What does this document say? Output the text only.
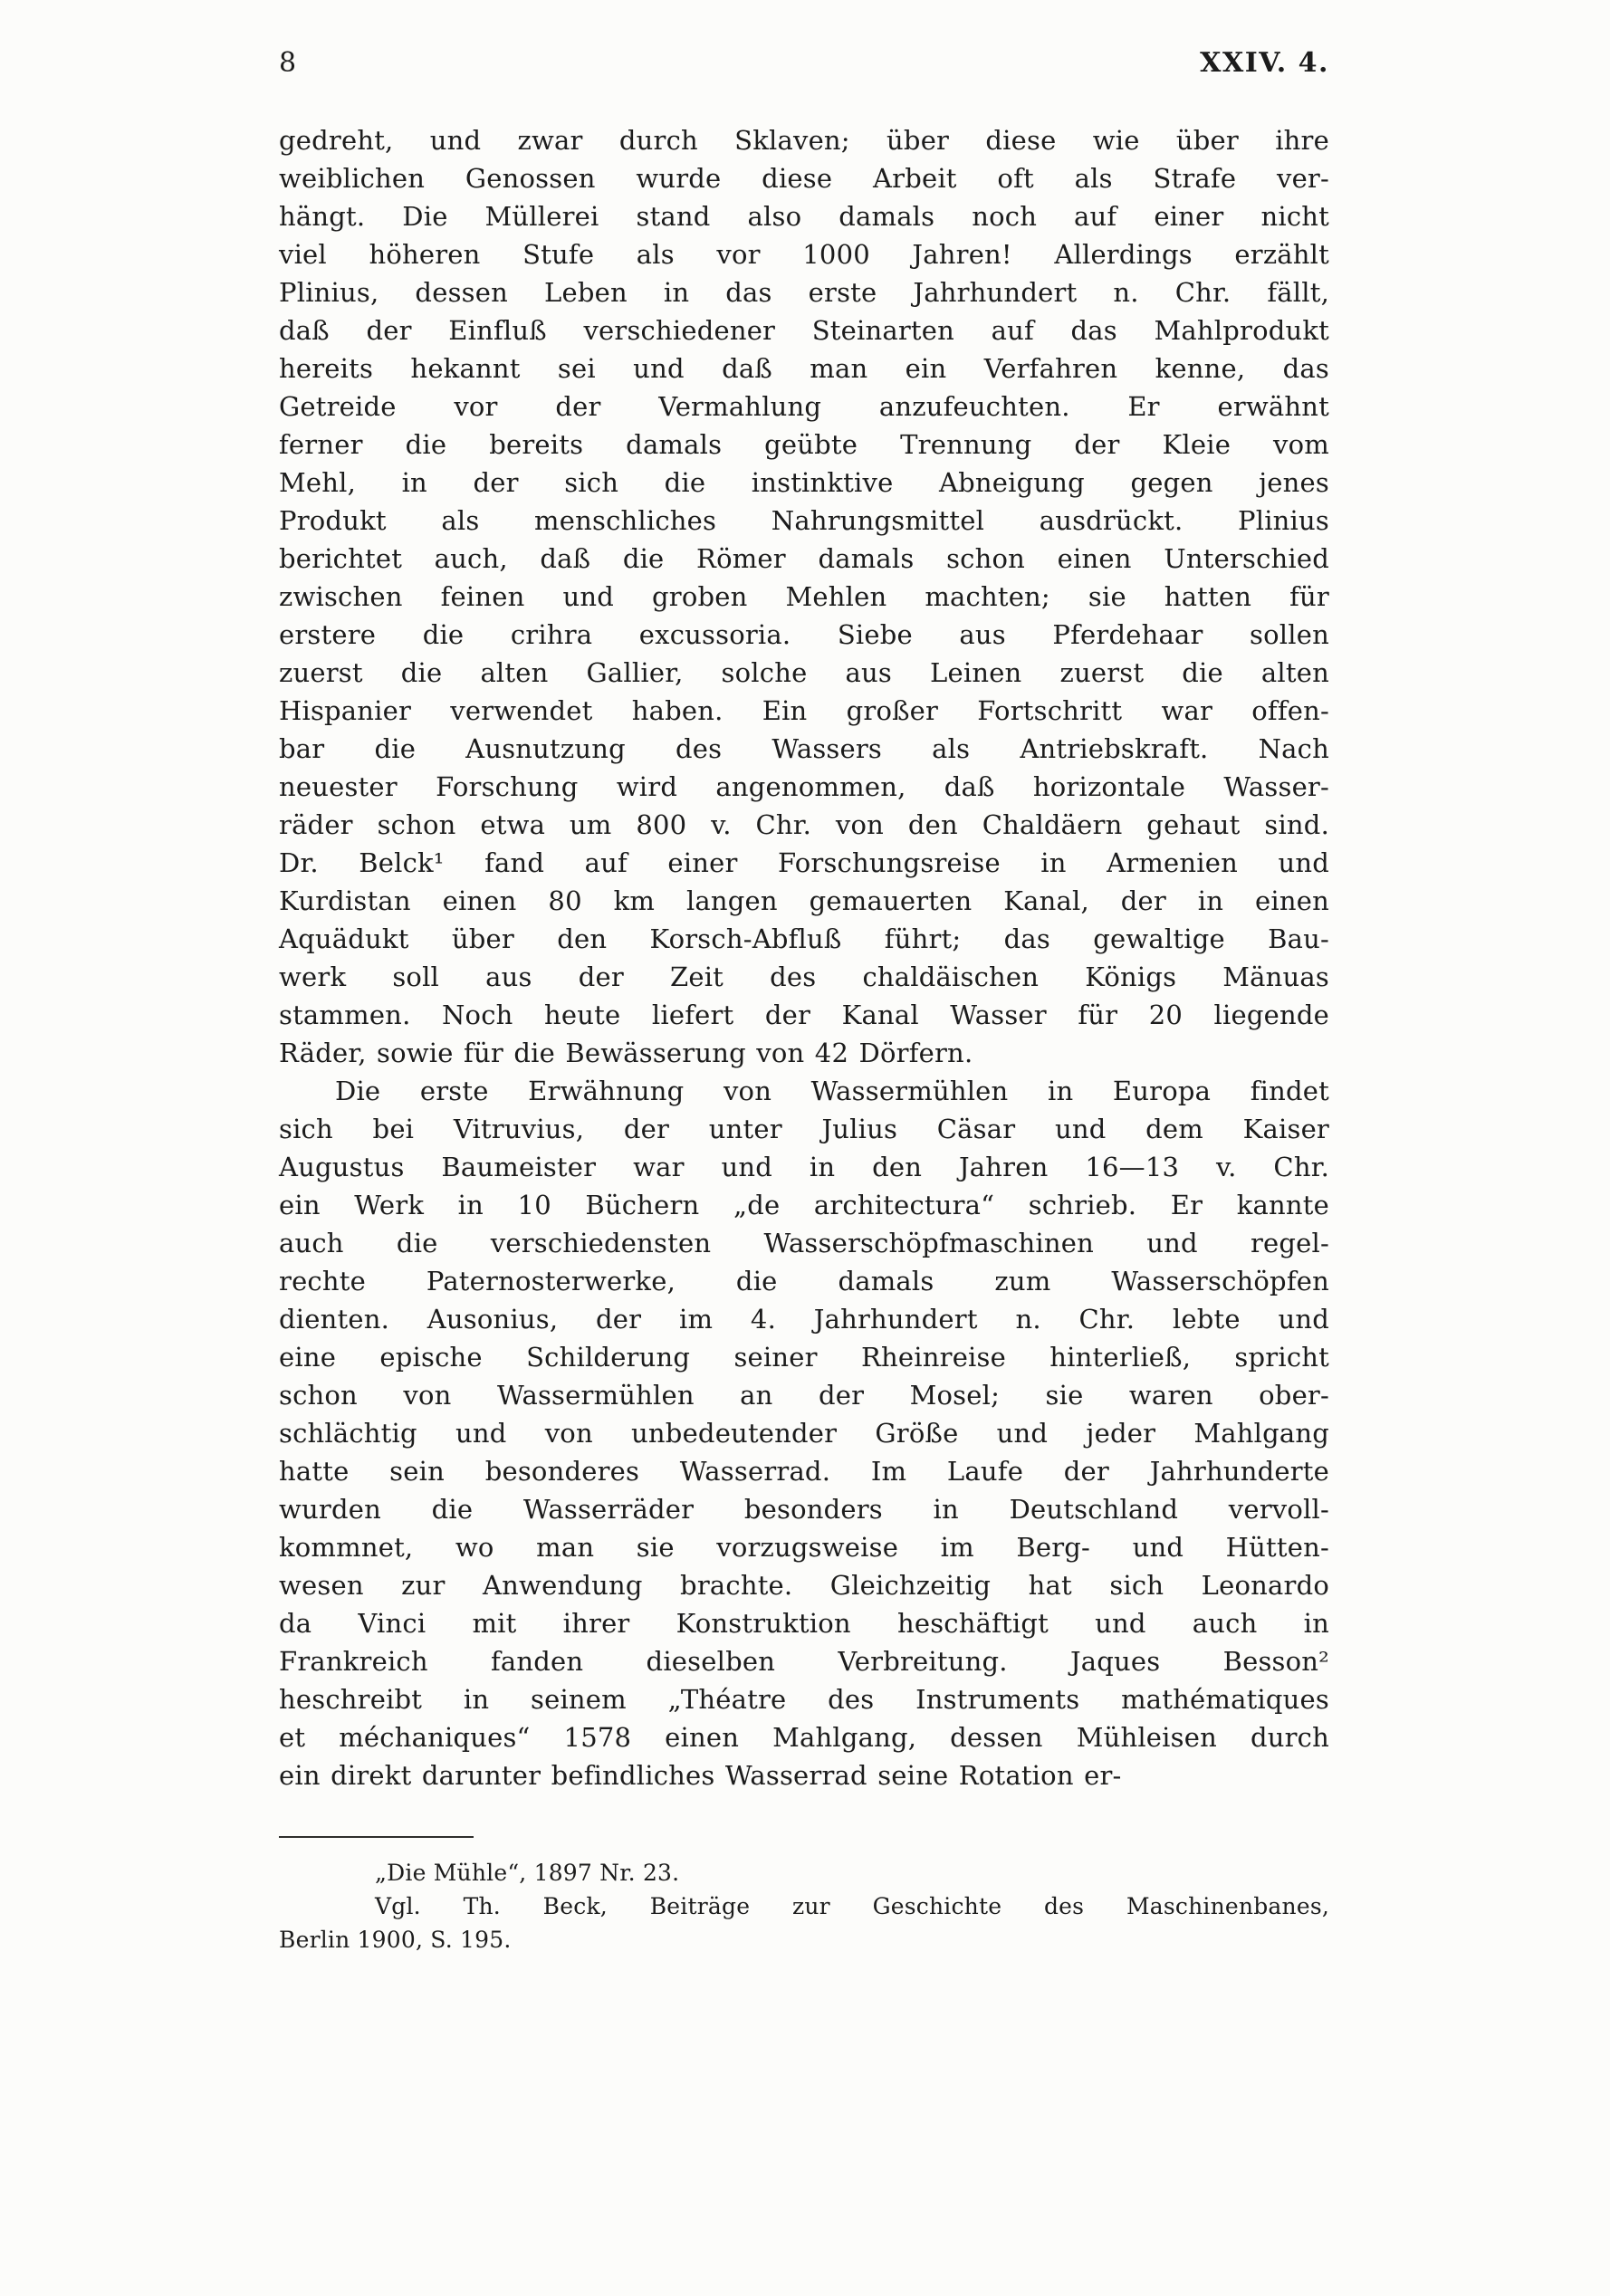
8	XXIV. 4.
gedreht, und zwar durch Sklaven; über diese wie über ihre
weiblichen Genossen wurde diese Arbeit oft als Strafe ver-
hängt. Die Müllerei stand also damals noch auf einer nicht
viel höheren Stufe als vor 1000 Jahren! Allerdings erzählt
Plinius, dessen Leben in das erste Jahrhundert n. Chr. fällt,
daß der Einfluß verschiedener Steinarten auf das Mahlprodukt
hereits hekannt sei und daß man ein Verfahren kenne, das
Getreide vor der Vermahlung anzufeuchten. Er erwähnt
ferner die bereits damals geübte Trennung der Kleie vom
Mehl, in der sich die instinktive Abneigung gegen jenes
Produkt als menschliches Nahrungsmittel ausdrückt. Plinius
berichtet auch, daß die Römer damals schon einen Unterschied
zwischen feinen und groben Mehlen machten; sie hatten für
erstere die crihra excussoria. Siebe aus Pferdehaar sollen
zuerst die alten Gallier, solche aus Leinen zuerst die alten
Hispanier verwendet haben. Ein großer Fortschritt war offen-
bar die Ausnutzung des Wassers als Antriebskraft. Nach
neuester Forschung wird angenommen, daß horizontale Wasser-
räder schon etwa um 800 v. Chr. von den Chaldäern gehaut sind.
Dr. Belck¹ fand auf einer Forschungsreise in Armenien und
Kurdistan einen 80 km langen gemauerten Kanal, der in einen
Aquädukt über den Korsch-Abfluß führt; das gewaltige Bau-
werk soll aus der Zeit des chaldäischen Königs Mänuas
stammen. Noch heute liefert der Kanal Wasser für 20 liegende
Räder, sowie für die Bewässerung von 42 Dörfern.
Die erste Erwähnung von Wassermühlen in Europa findet
sich bei Vitruvius, der unter Julius Cäsar und dem Kaiser
Augustus Baumeister war und in den Jahren 16—13 v. Chr.
ein Werk in 10 Büchern „de architectura“ schrieb. Er kannte
auch die verschiedensten Wasserschöpfmaschinen und regel-
rechte Paternosterwerke, die damals zum Wasserschöpfen
dienten. Ausonius, der im 4. Jahrhundert n. Chr. lebte und
eine epische Schilderung seiner Rheinreise hinterließ, spricht
schon von Wassermühlen an der Mosel; sie waren ober-
schlächtig und von unbedeutender Größe und jeder Mahlgang
hatte sein besonderes Wasserrad. Im Laufe der Jahrhunderte
wurden die Wasserräder besonders in Deutschland vervoll-
kommnet, wo man sie vorzugsweise im Berg- und Hütten-
wesen zur Anwendung brachte. Gleichzeitig hat sich Leonardo
da Vinci mit ihrer Konstruktion heschäftigt und auch in
Frankreich fanden dieselben Verbreitung. Jaques Besson²
heschreibt in seinem „Théatre des Instruments mathématiques
et méchaniques“ 1578 einen Mahlgang, dessen Mühleisen durch
ein direkt darunter befindliches Wasserrad seine Rotation er-
„Die Mühle“, 1897 Nr. 23.
Vgl. Th. Beck, Beiträge zur Geschichte des Maschinenbanes,
Berlin 1900, S. 195.
